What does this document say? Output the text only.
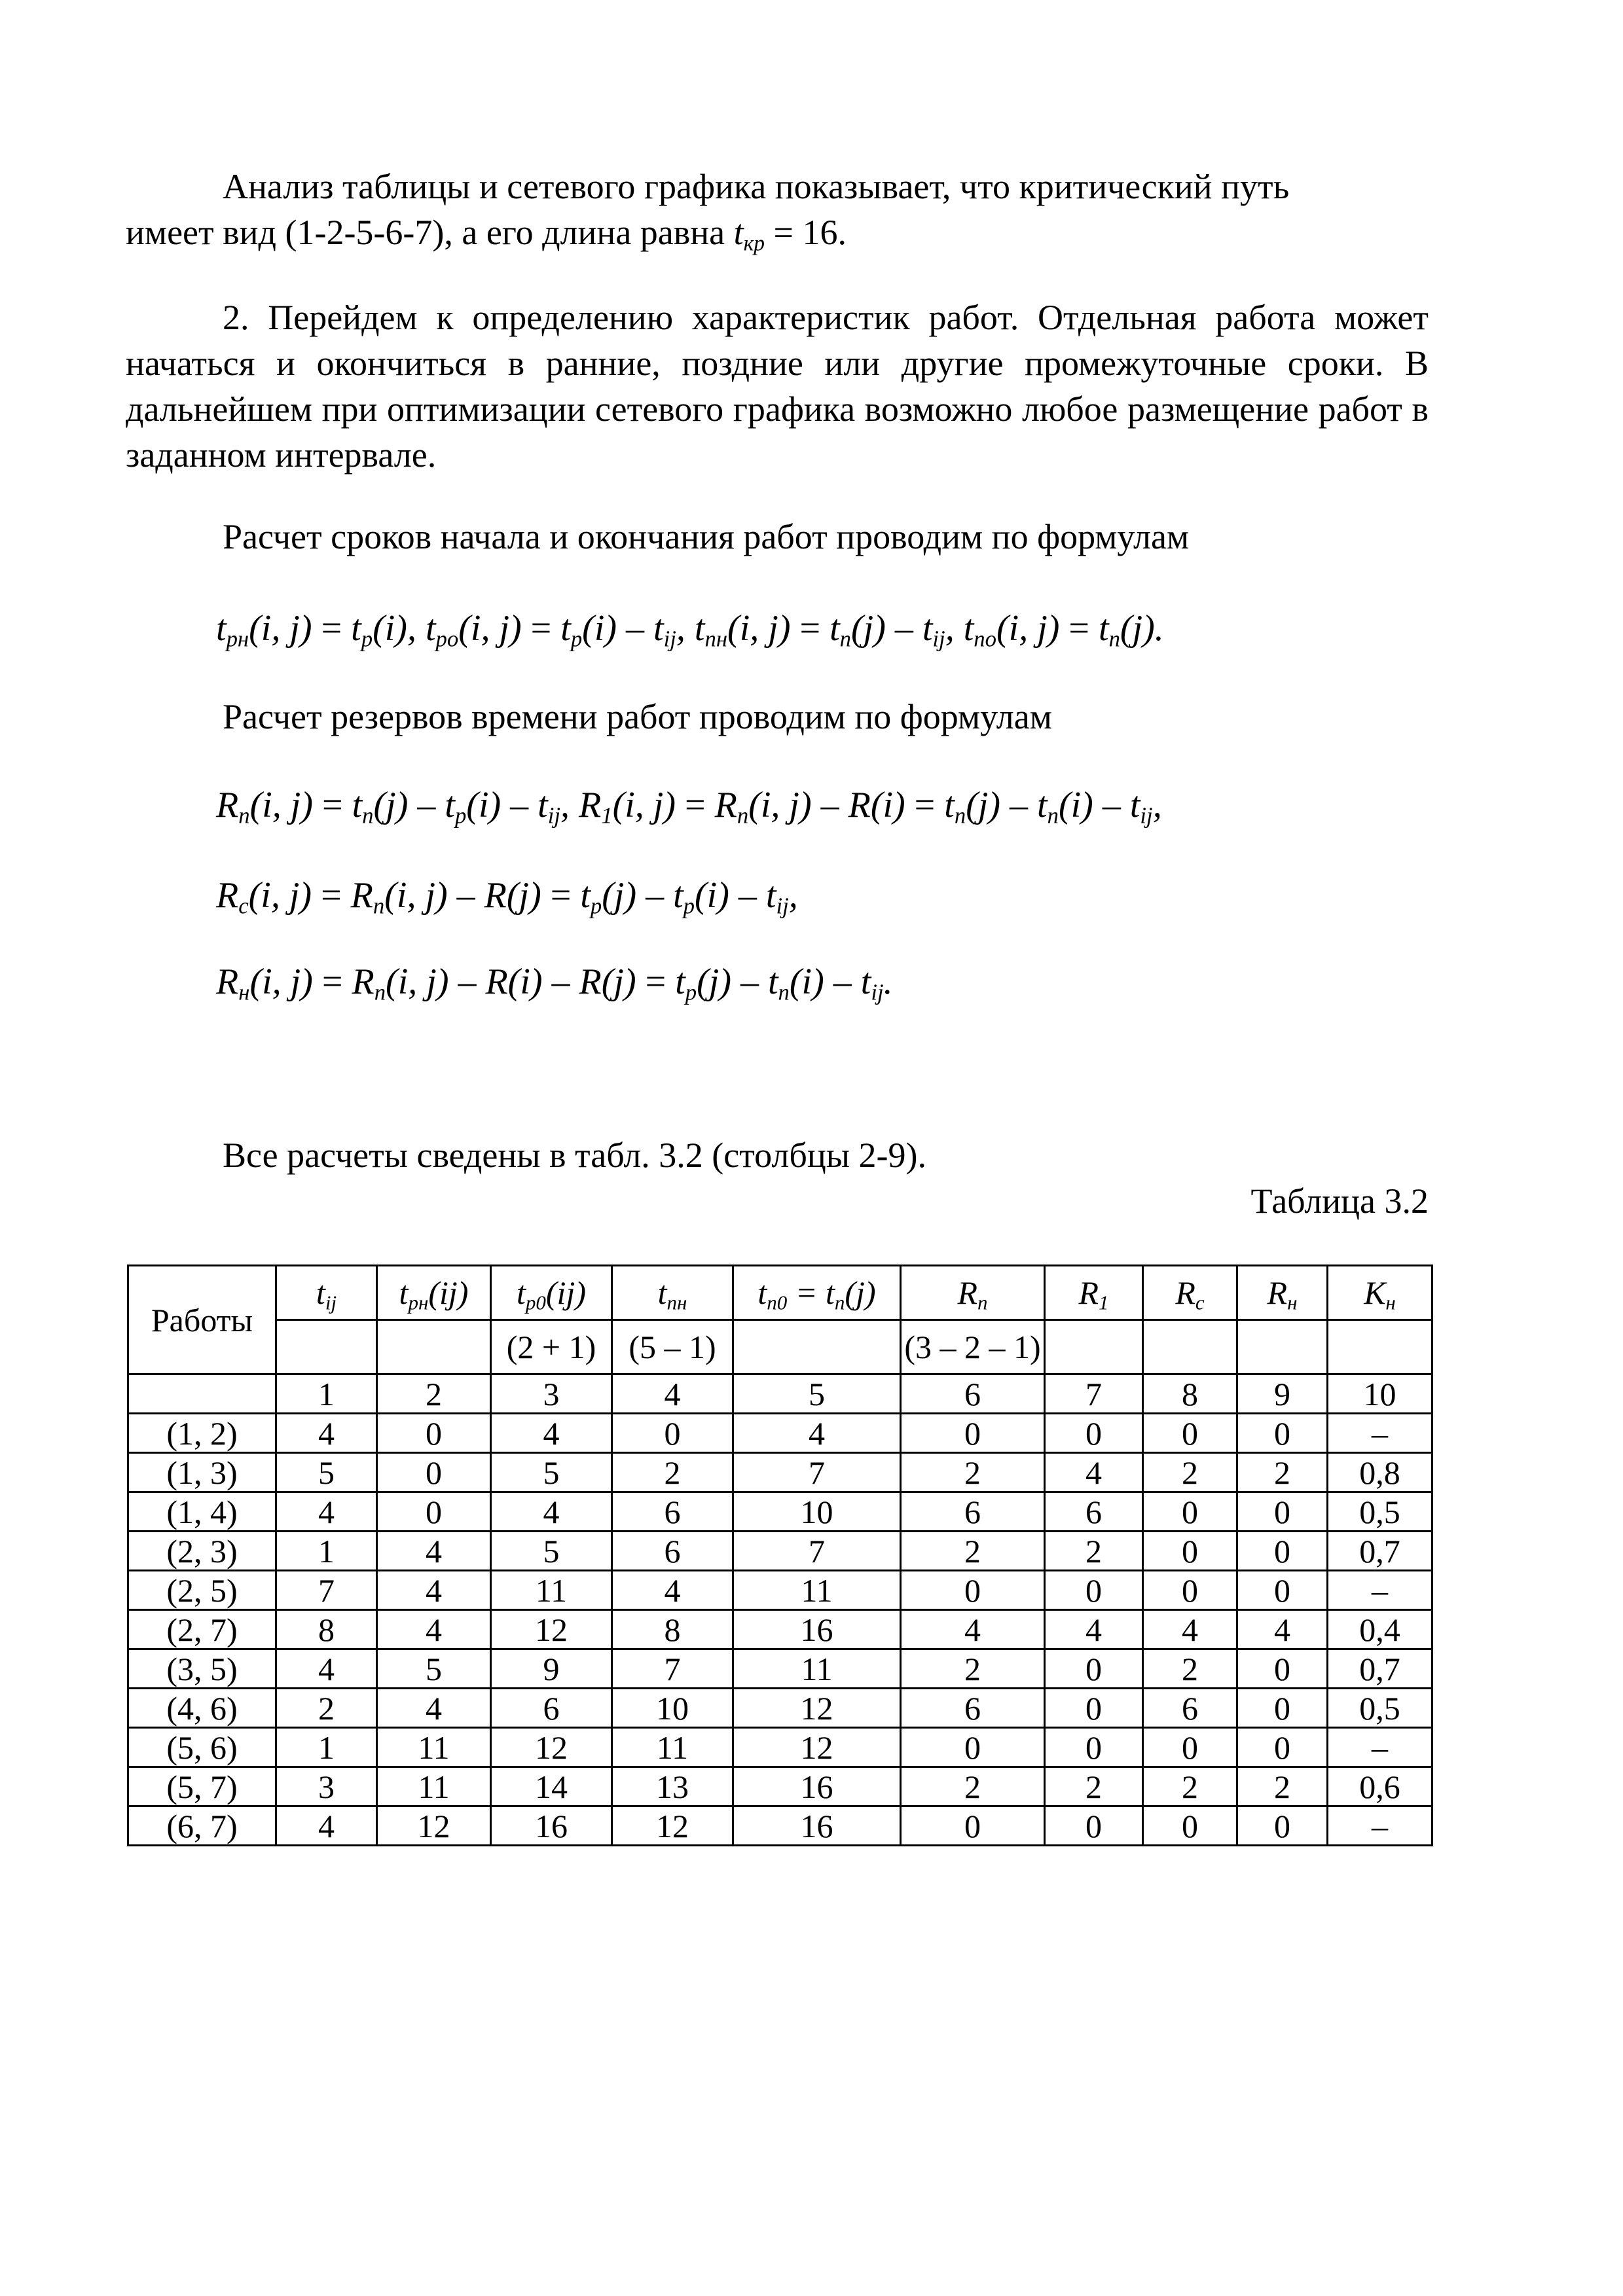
Анализ таблицы и сетевого графика показывает, что критический путь
имеет вид (1-2-5-6-7), а его длина равна $t_{кр} = 16$.

2. Перейдем к определению характеристик работ. Отдельная работа может начаться и окончиться в ранние, поздние или другие промежуточные сроки. В дальнейшем при оптимизации сетевого графика возможно любое размещение работ в заданном интервале.

Расчет сроков начала и окончания работ проводим по формулам

$t_{рн}(i$, $j) = t_р(i)$, $t_{ро}(i$, $j) = t_р(i) - t_{ij}$, $t_{пн}(i$, $j) = t_п(j) - t_{ij}$, $t_{по}(i$, $j) = t_п(j)$.

Расчет резервов времени работ проводим по формулам

$R_п(i$, $j) = t_п(j) - t_р(i) - t_{ij}$, $R_1(i$, $j) = R_п(i$, $j) - R(i) = t_п(j) - t_п(i) - t_{ij}$,

$R_с(i$, $j) = R_п(i$, $j) - R(j) = t_р(j) - t_р(i) - t_{ij}$,

$R_н(i$, $j) = R_п(i$, $j) - R(i) - R(j) = t_р(j) - t_п(i) - t_{ij}$.

Все расчеты сведены в табл. 3.2 (столбцы 2-9).

Таблица 3.2

Работы	$t_{ij}$	$t_{рн}(ij)$	$t_{р0}(ij)$	$t_{пн}$	$t_{п0} = t_п(j)$	$R_п$	$R_1$	$R_с$	$R_н$	$К_н$
			(2 + 1)	(5 – 1)		(3 – 2 – 1)				
	1	2	3	4	5	6	7	8	9	10
(1, 2)	4	0	4	0	4	0	0	0	0	–
(1, 3)	5	0	5	2	7	2	4	2	2	0,8
(1, 4)	4	0	4	6	10	6	6	0	0	0,5
(2, 3)	1	4	5	6	7	2	2	0	0	0,7
(2, 5)	7	4	11	4	11	0	0	0	0	–
(2, 7)	8	4	12	8	16	4	4	4	4	0,4
(3, 5)	4	5	9	7	11	2	0	2	0	0,7
(4, 6)	2	4	6	10	12	6	0	6	0	0,5
(5, 6)	1	11	12	11	12	0	0	0	0	–
(5, 7)	3	11	14	13	16	2	2	2	2	0,6
(6, 7)	4	12	16	12	16	0	0	0	0	–
